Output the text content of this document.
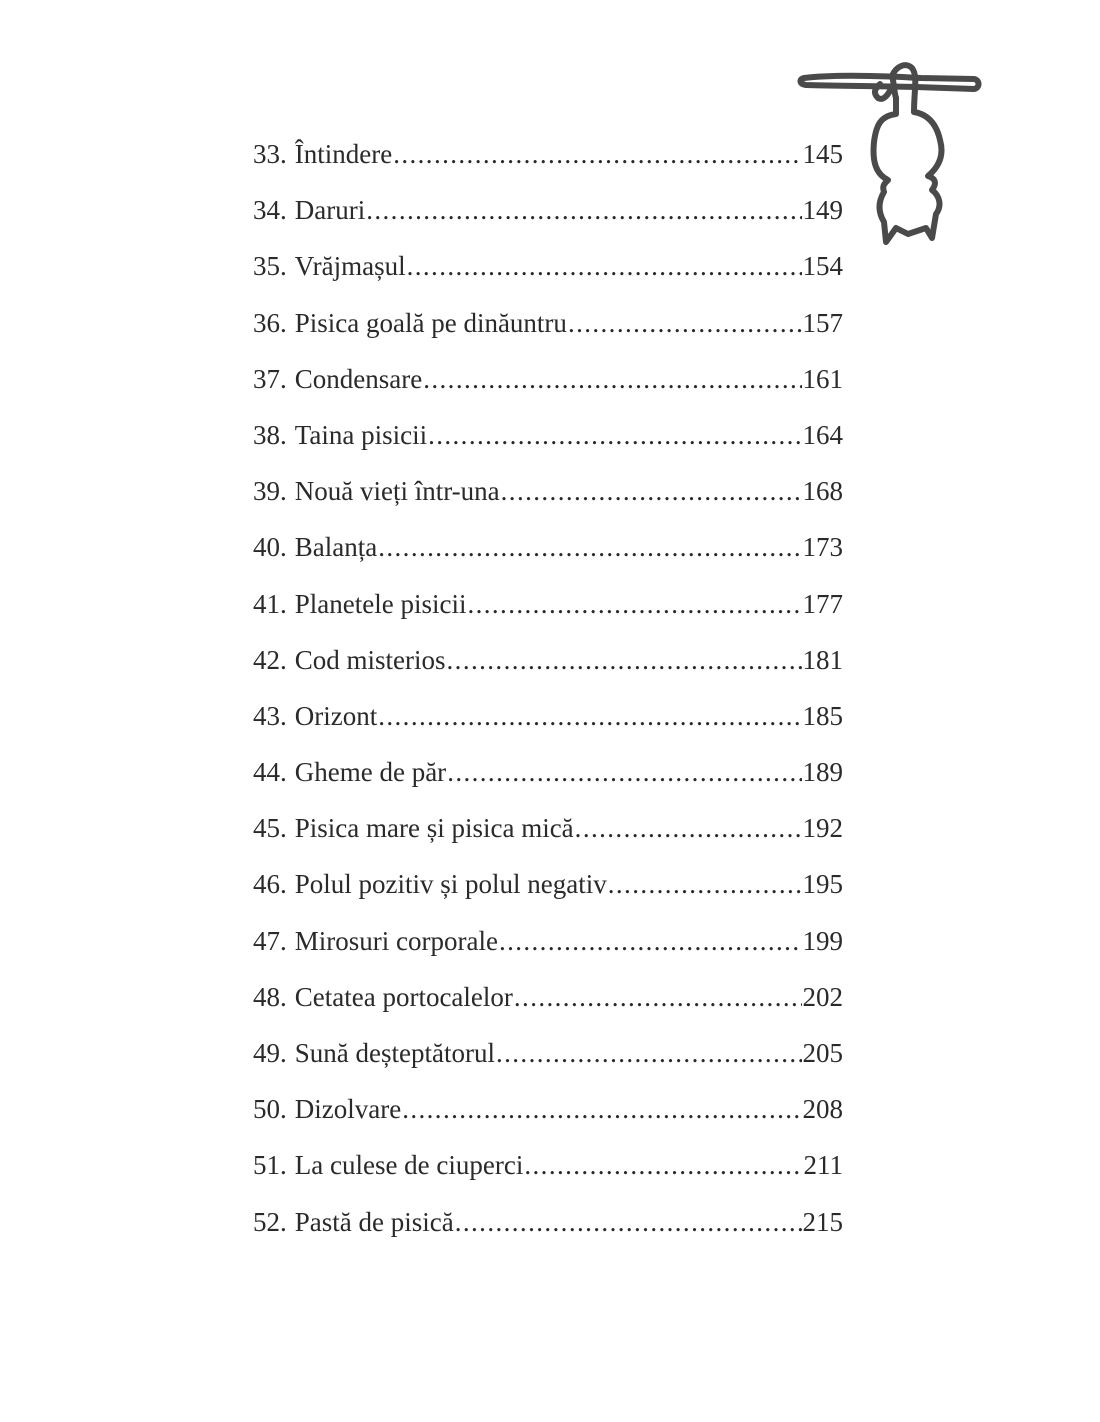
33. Întindere .....	145
34. Daruri .....	149
35. Vrăjmașul .....	154
36. Pisica goală pe dinăuntru .....	157
37. Condensare .....	161
38. Taina pisicii .....	164
39. Nouă vieți într-una .....	168
40. Balanța .....	173
41. Planetele pisicii .....	177
42. Cod misterios .....	181
43. Orizont .....	185
44. Gheme de păr .....	189
45. Pisica mare și pisica mică .....	192
46. Polul pozitiv și polul negativ .....	195
47. Mirosuri corporale .....	199
48. Cetatea portocalelor .....	202
49. Sună deșteptătorul .....	205
50. Dizolvare .....	208
51. La culese de ciuperci .....	211
52. Pastă de pisică .....	215
